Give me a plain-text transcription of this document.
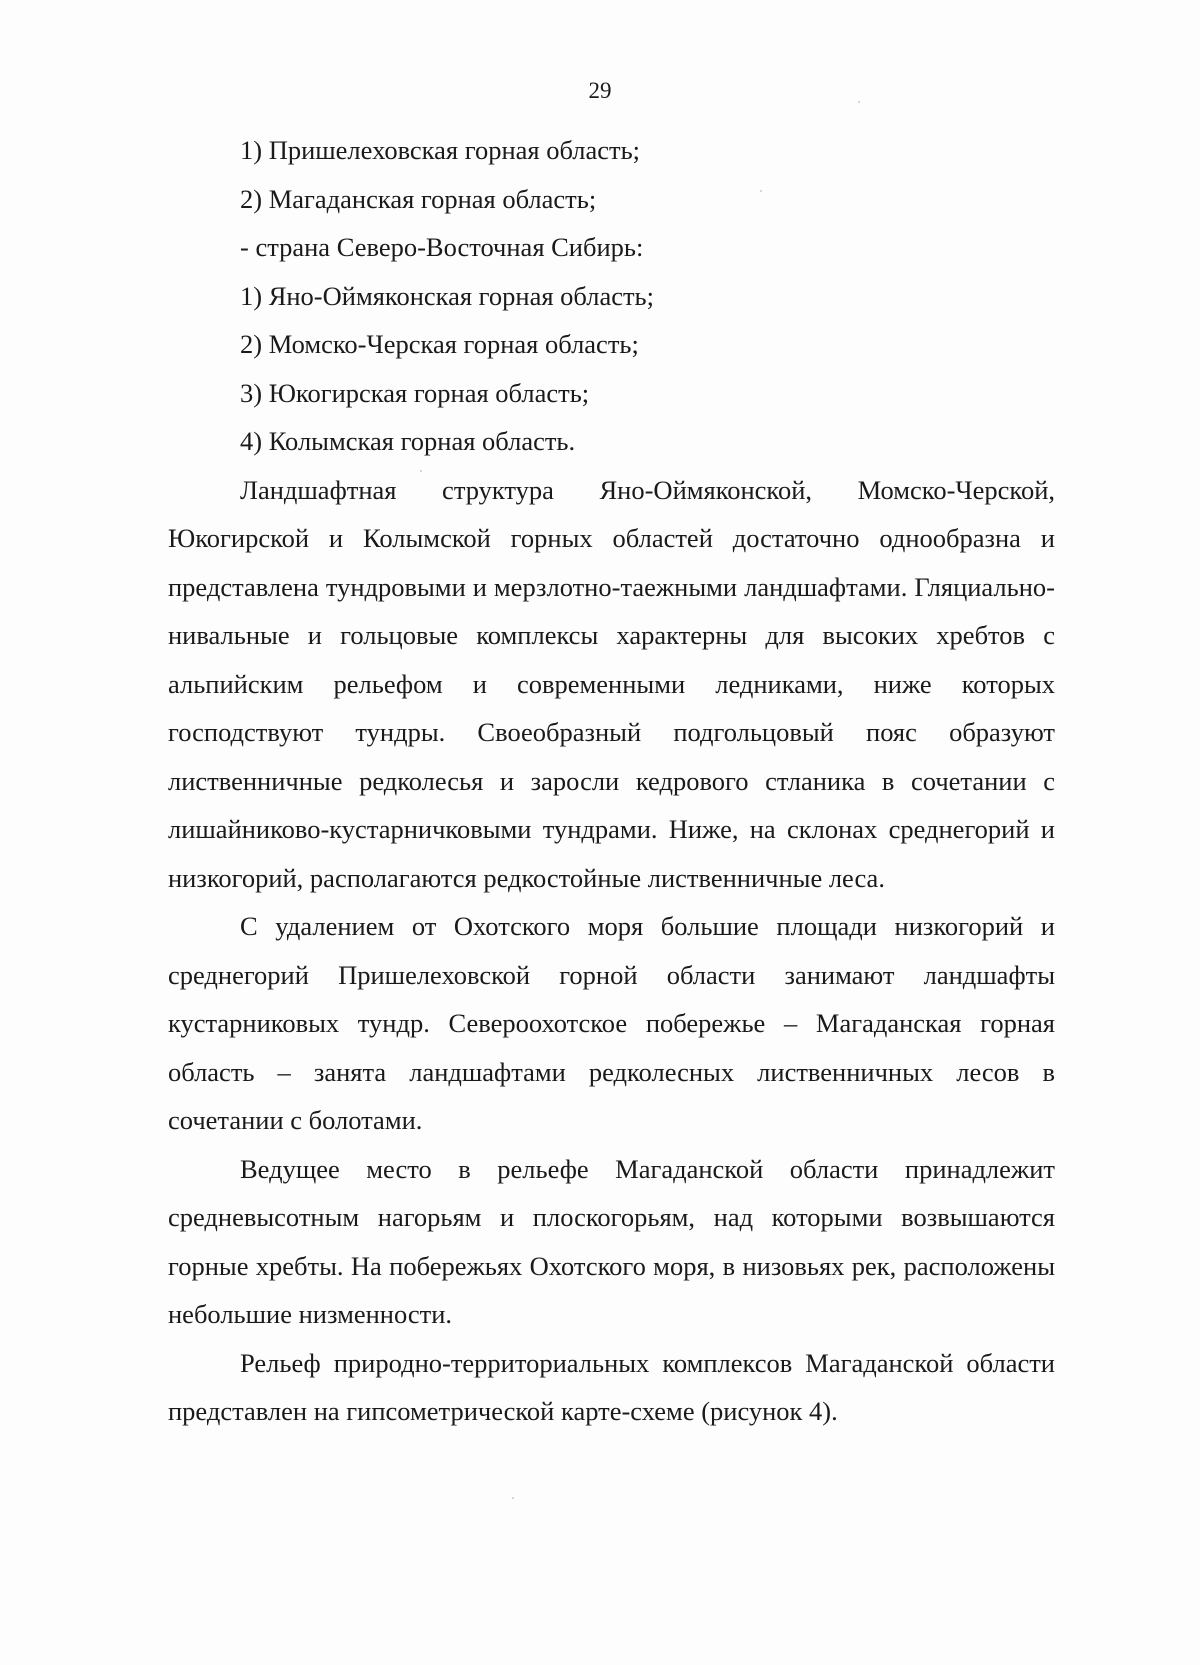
29

1) Пришелеховская горная область;

2) Магаданская горная область;

- страна Северо-Восточная Сибирь:

1) Яно-Оймяконская горная область;

2) Момско-Черская горная область;

3) Юкогирская горная область;

4) Колымская горная область.

Ландшафтная структура Яно-Оймяконской, Момско-Черской, Юкогирской и Колымской горных областей достаточно однообразна и представлена тундровыми и мерзлотно-таежными ландшафтами. Гляциально-нивальные и гольцовые комплексы характерны для высоких хребтов с альпийским рельефом и современными ледниками, ниже которых господствуют тундры. Своеобразный подгольцовый пояс образуют лиственничные редколесья и заросли кедрового стланика в сочетании с лишайниково-кустарничковыми тундрами. Ниже, на склонах среднегорий и низкогорий, располагаются редкостойные лиственничные леса.

С удалением от Охотского моря большие площади низкогорий и среднегорий Пришелеховской горной области занимают ландшафты кустарниковых тундр. Североохотское побережье – Магаданская горная область – занята ландшафтами редколесных лиственничных лесов в сочетании с болотами.

Ведущее место в рельефе Магаданской области принадлежит средневысотным нагорьям и плоскогорьям, над которыми возвышаются горные хребты. На побережьях Охотского моря, в низовьях рек, расположены небольшие низменности.

Рельеф природно-территориальных комплексов Магаданской области представлен на гипсометрической карте-схеме (рисунок 4).
